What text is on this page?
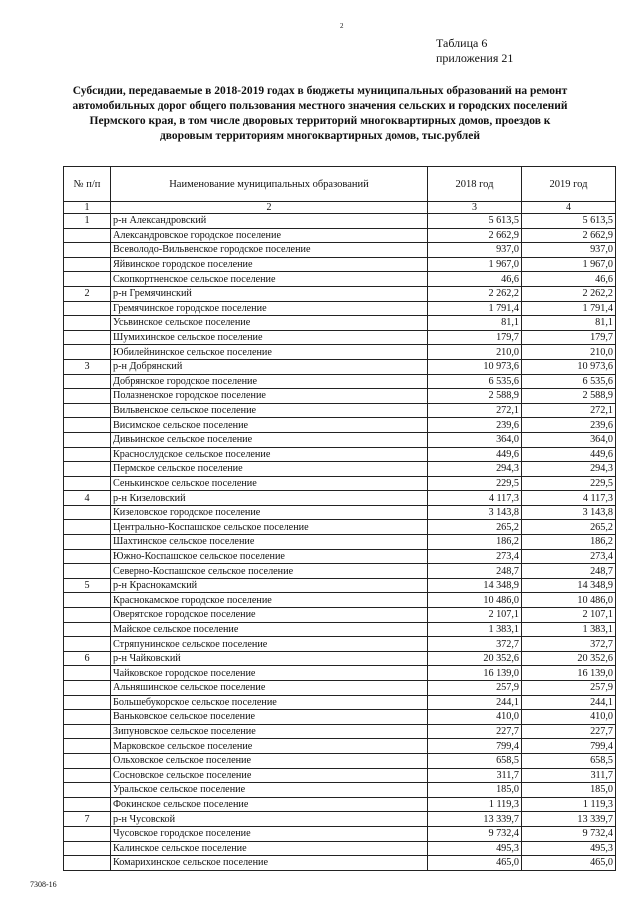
2
Таблица 6
приложения 21
Субсидии, передаваемые в 2018-2019 годах в бюджеты муниципальных образований на ремонт автомобильных дорог общего пользования местного значения сельских и городских поселений Пермского края, в том числе дворовых территорий многоквартирных домов, проездов к дворовым территориям многоквартирных домов, тыс.рублей
№ п/п	Наименование муниципальных образований	2018 год	2019 год
1	2	3	4
1	р-н Александровский	5 613,5	5 613,5
	Александровское городское поселение	2 662,9	2 662,9
	Всеволодо-Вильвенское городское поселение	937,0	937,0
	Яйвинское городское поселение	1 967,0	1 967,0
	Скопкортненское сельское поселение	46,6	46,6
2	р-н Гремячинский	2 262,2	2 262,2
	Гремячинское городское поселение	1 791,4	1 791,4
	Усьвинское сельское поселение	81,1	81,1
	Шумихинское сельское поселение	179,7	179,7
	Юбилейнинское сельское поселение	210,0	210,0
3	р-н Добрянский	10 973,6	10 973,6
	Добрянское городское поселение	6 535,6	6 535,6
	Полазненское городское поселение	2 588,9	2 588,9
	Вильвенское сельское поселение	272,1	272,1
	Висимское сельское поселение	239,6	239,6
	Дивьинское сельское поселение	364,0	364,0
	Краснослудское сельское поселение	449,6	449,6
	Пермское сельское поселение	294,3	294,3
	Сенькинское сельское поселение	229,5	229,5
4	р-н Кизеловский	4 117,3	4 117,3
	Кизеловское городское поселение	3 143,8	3 143,8
	Центрально-Коспашское сельское поселение	265,2	265,2
	Шахтинское сельское поселение	186,2	186,2
	Южно-Коспашское сельское поселение	273,4	273,4
	Северно-Коспашское сельское поселение	248,7	248,7
5	р-н Краснокамский	14 348,9	14 348,9
	Краснокамское городское поселение	10 486,0	10 486,0
	Оверятское городское поселение	2 107,1	2 107,1
	Майское сельское поселение	1 383,1	1 383,1
	Стряпунинское сельское поселение	372,7	372,7
6	р-н Чайковский	20 352,6	20 352,6
	Чайковское городское поселение	16 139,0	16 139,0
	Альняшинское сельское поселение	257,9	257,9
	Большебукорское сельское поселение	244,1	244,1
	Ваньковское сельское поселение	410,0	410,0
	Зипуновское сельское поселение	227,7	227,7
	Марковское сельское поселение	799,4	799,4
	Ольховское сельское поселение	658,5	658,5
	Сосновское сельское поселение	311,7	311,7
	Уральское сельское поселение	185,0	185,0
	Фокинское сельское поселение	1 119,3	1 119,3
7	р-н Чусовской	13 339,7	13 339,7
	Чусовское городское поселение	9 732,4	9 732,4
	Калинское сельское поселение	495,3	495,3
	Комарихинское сельское поселение	465,0	465,0
7308-16
